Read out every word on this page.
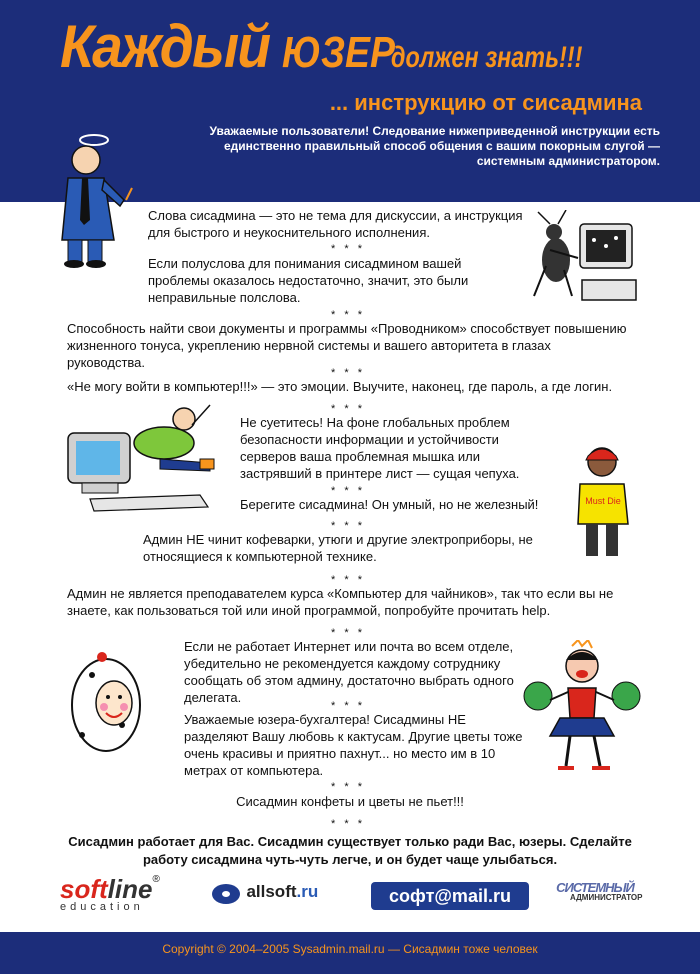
Каждый ЮЗЕР должен знать!!!
... инструкцию от сисадмина
Уважаемые пользователи! Следование нижеприведенной инструкции есть единственно правильный способ общения с вашим покорным слугой — системным администратором.
Must Die
Слова сисадмина — это не тема для дискуссии, а инструкция для быстрого и неукоснительного исполнения.
* * *
Если полуслова для понимания сисадмином вашей проблемы оказалось недостаточно, значит, это были неправильные полслова.
* * *
Способность найти свои документы и программы «Проводником» способствует повышению жизненного тонуса, укреплению нервной системы и вашего авторитета в глазах руководства.
* * *
«Не могу войти в компьютер!!!» — это эмоции. Выучите, наконец, где пароль, а где логин.
* * *
Не суетитесь! На фоне глобальных проблем безопасности информации и устойчивости серверов ваша проблемная мышка или застрявший в принтере лист — сущая чепуха.
* * *
Берегите сисадмина! Он умный, но не железный!
* * *
Админ НЕ чинит кофеварки, утюги и другие электроприборы, не относящиеся к компьютерной технике.
* * *
Админ не является преподавателем курса «Компьютер для чайников», так что если вы не знаете, как пользоваться той или иной программой, попробуйте прочитать help.
* * *
Если не работает Интернет или почта во всем отделе, убедительно не рекомендуется каждому сотруднику сообщать об этом админу, достаточно выбрать одного делегата.
* * *
Уважаемые юзера-бухгалтера! Сисадмины НЕ разделяют Вашу любовь к кактусам. Другие цветы тоже очень красивы и приятно пахнут... но место им в 10 метрах от компьютера.
* * *
Сисадмин конфеты и цветы не пьет!!!
* * *
Сисадмин работает для Вас. Сисадмин существует только ради Вас, юзеры. Сделайте работу сисадмина чуть-чуть легче, и он будет чаще улыбаться.
softline®
education
allsoft.ru	софт@mail.ru	СИСТЕМНЫЙ
АДМИНИСТРАТОР
Copyright © 2004–2005 Sysadmin.mail.ru — Сисадмин тоже человек
